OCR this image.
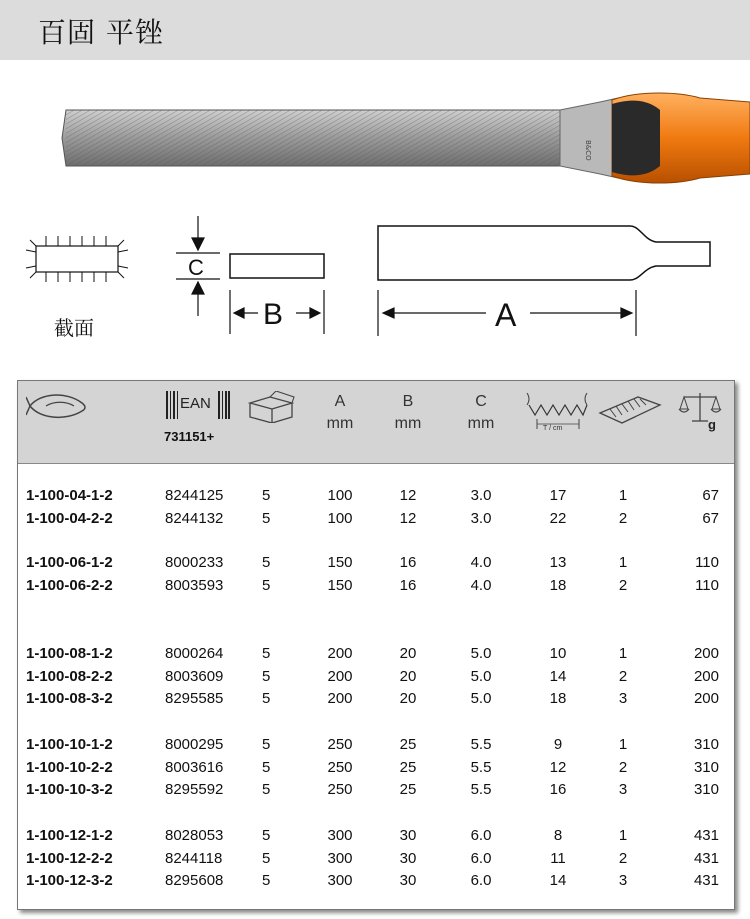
百固 平锉
B&CO
C
B	A
截面
EAN
731151+
A
mm
B
mm
C
mm	T / cm	g
1-100-04-1-2	8244125	5	100	12	3.0	17	1	67
1-100-04-2-2	8244132	5	100	12	3.0	22	2	67
1-100-06-1-2	8000233	5	150	16	4.0	13	1	110
1-100-06-2-2	8003593	5	150	16	4.0	18	2	110
1-100-08-1-2	8000264	5	200	20	5.0	10	1	200
1-100-08-2-2	8003609	5	200	20	5.0	14	2	200
1-100-08-3-2	8295585	5	200	20	5.0	18	3	200
1-100-10-1-2	8000295	5	250	25	5.5	9	1	310
1-100-10-2-2	8003616	5	250	25	5.5	12	2	310
1-100-10-3-2	8295592	5	250	25	5.5	16	3	310
1-100-12-1-2	8028053	5	300	30	6.0	8	1	431
1-100-12-2-2	8244118	5	300	30	6.0	11	2	431
1-100-12-3-2	8295608	5	300	30	6.0	14	3	431
